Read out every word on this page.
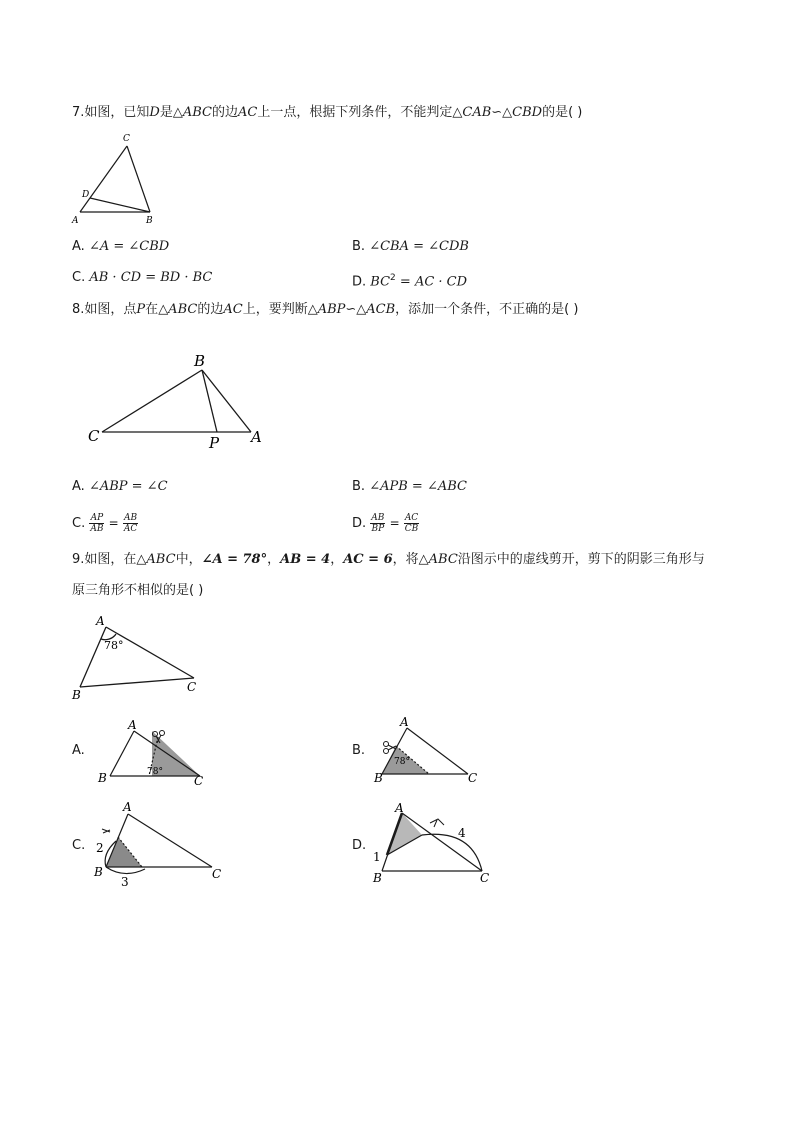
7.如图，已知D是△ABC的边AC上一点，根据下列条件，不能判定△CAB∽△CBD的是( )
C
D
A	B
A. ∠A = ∠CBD	B. ∠CBA = ∠CDB
C. AB · CD = BD · BC	D. $BC^2$ = AC · CD
8.如图，点P在△ABC的边AC上，要判断△ABP∽△ACB，添加一个条件，不正确的是( )
B
C	P A
A. ∠ABP = ∠C	B. ∠APB = ∠ABC
C. $\frac{AP}{AB} = \frac{AB}{AC}$	D. $\frac{AB}{BP} = \frac{AC}{CB}$
9.如图，在△ABC中，∠A = 78°，AB = 4，AC = 6，将△ABC沿图示中的虚线剪开，剪下的阴影三角形与
原三角形不相似的是( )
A
78°
B
C
A.
A
78°
B	C
B.
A
78°
B	C
C.
A
2
B
3
C
D.
A
4
1
B	C
